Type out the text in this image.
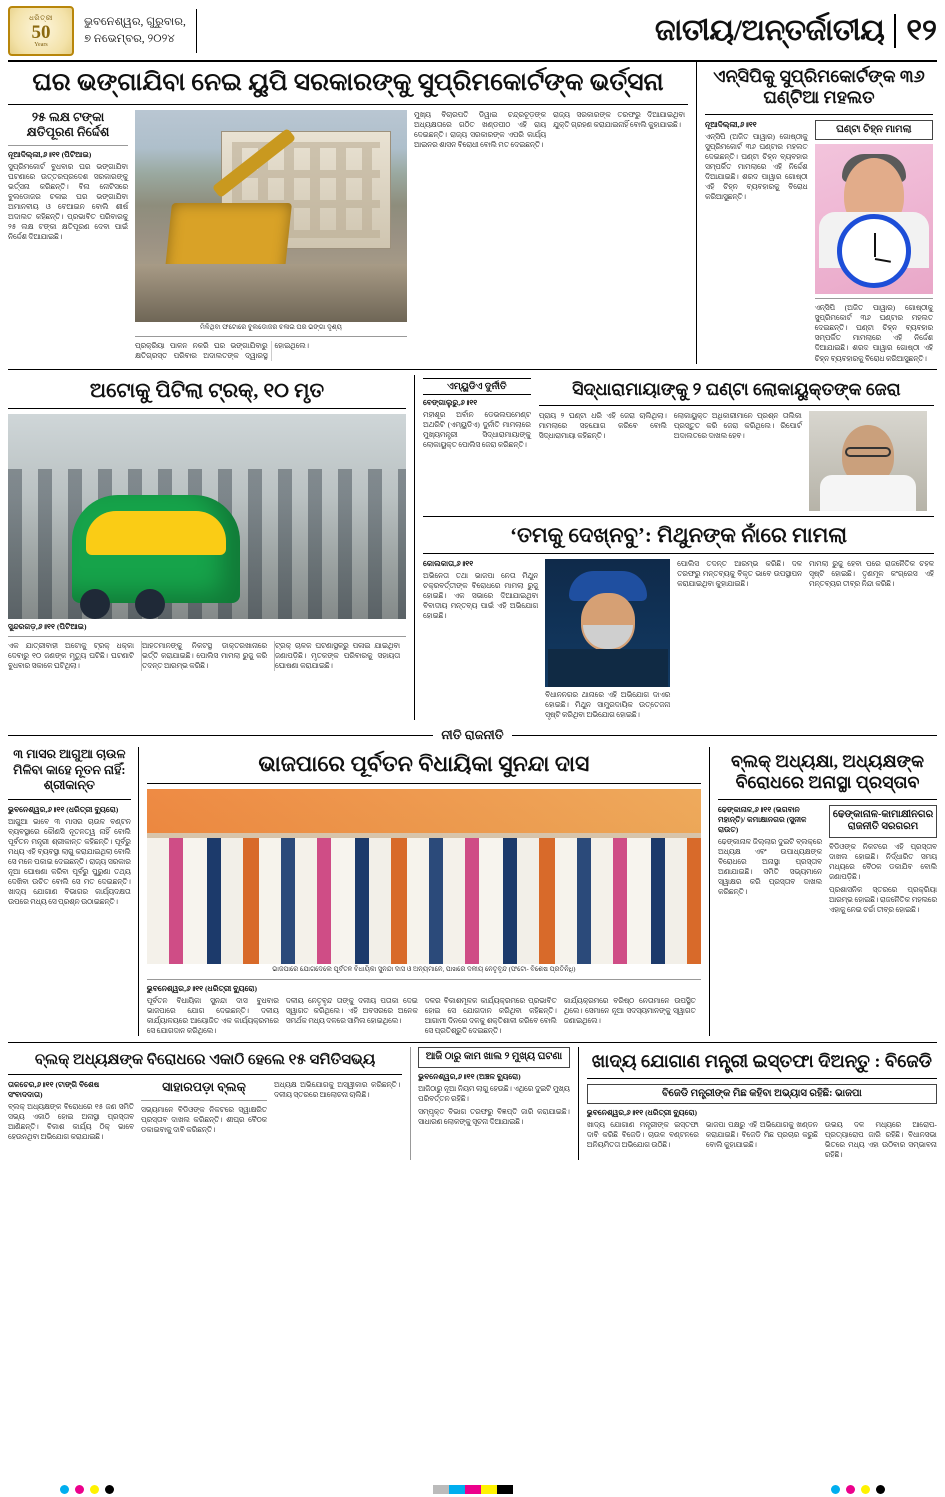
ଧରିତ୍ରୀ
50
Years
ଭୁବନେଶ୍ୱର, ଗୁରୁବାର,
୭ ନଭେମ୍ବର, ୨୦୨୪	ଜାତୀୟ/ଅନ୍ତର୍ଜାତୀୟ ୧୨
ଘର ଭଙ୍ଗାଯିବା ନେଇ ୟୁପି ସରକାରଙ୍କୁ ସୁପ୍ରିମକୋର୍ଟଙ୍କ ଭର୍ତ୍ସନା
୨୫ ଲକ୍ଷ ଟଙ୍କା କ୍ଷତିପୂରଣ ନିର୍ଦ୍ଦେଶ
ନୂଆଦିଲ୍ଲୀ,୬॥୧୧ (ପିଟିଆଇ)
ସୁପ୍ରିମକୋର୍ଟ ବୁଧବାର ଘର ଭଙ୍ଗାଯିବା ଘଟଣାରେ ଉତ୍ତରପ୍ରଦେଶ ସରକାରଙ୍କୁ ଭର୍ତ୍ସନା କରିଛନ୍ତି। ବିନା ନୋଟିସରେ ବୁଲଡୋଜର ଚଳାଇ ଘର ଭଙ୍ଗାଯିବା ଅମାନବୀୟ ଓ ବେଆଇନ ବୋଲି ଶୀର୍ଷ ଅଦାଲତ କହିଛନ୍ତି। ପ୍ରଭାବିତ ପରିବାରକୁ ୨୫ ଲକ୍ଷ ଟଙ୍କା କ୍ଷତିପୂରଣ ଦେବା ପାଇଁ ନିର୍ଦ୍ଦେଶ ଦିଆଯାଇଛି।
ମିଳିଥିବା ଫଟୋରେ ବୁଲଡୋଜର ଚଳାଇ ଘର ଭଙ୍ଗା ଦୃଶ୍ୟ
ପ୍ରକ୍ରିୟା ପାଳନ ନକରି ଘର ଭଙ୍ଗାଯିବାରୁ କ୍ଷତିଗ୍ରସ୍ତ ପରିବାର ଅଦାଲତଙ୍କ ଦ୍ୱାରସ୍ଥ ହୋଇଥିଲେ।
ମୁଖ୍ୟ ବିଚାରପତି ଡିୱାଇ ଚନ୍ଦ୍ରଚୂଡ଼ଙ୍କ ଅଧ୍ୟକ୍ଷତାରେ ଗଠିତ ଖଣ୍ଡପୀଠ ଏହି ରାୟ ଦେଇଛନ୍ତି। ରାଜ୍ୟ ସରକାରଙ୍କ ଏପରି କାର୍ଯ୍ୟ ଆଇନର ଶାସନ ବିରୋଧୀ ବୋଲି ମତ ଦେଇଛନ୍ତି।
ରାଜ୍ୟ ସରକାରଙ୍କ ତରଫରୁ ଦିଆଯାଇଥିବା ଯୁକ୍ତି ଗ୍ରହଣ କରାଯାଇନାହିଁ ବୋଲି କୁହାଯାଇଛି।
ଏନ୍‌ସିପିକୁ ସୁପ୍ରିମକୋର୍ଟଙ୍କ ୩୬ ଘଣ୍ଟିଆ ମହଲତ
ନୂଆଦିଲ୍ଲୀ,୬॥୧୧
ଏନ୍‌ସିପି (ଅଜିତ ପାୱାର) ଗୋଷ୍ଠୀକୁ ସୁପ୍ରିମକୋର୍ଟ ୩୬ ଘଣ୍ଟାର ମହଲତ ଦେଇଛନ୍ତି। ଘଣ୍ଟା ଚିହ୍ନ ବ୍ୟବହାର ସମ୍ପର୍କିତ ମାମଲାରେ ଏହି ନିର୍ଦ୍ଦେଶ ଦିଆଯାଇଛି। ଶରଦ ପାୱାର ଗୋଷ୍ଠୀ ଏହି ଚିହ୍ନ ବ୍ୟବହାରକୁ ବିରୋଧ କରିଆସୁଛନ୍ତି।
ଘଣ୍ଟା ଚିହ୍ନ ମାମଲା
ଏନ୍‌ସିପି (ଅଜିତ ପାୱାର) ଗୋଷ୍ଠୀକୁ ସୁପ୍ରିମକୋର୍ଟ ୩୬ ଘଣ୍ଟାର ମହଲତ ଦେଇଛନ୍ତି। ଘଣ୍ଟା ଚିହ୍ନ ବ୍ୟବହାର ସମ୍ପର୍କିତ ମାମଲାରେ ଏହି ନିର୍ଦ୍ଦେଶ ଦିଆଯାଇଛି। ଶରଦ ପାୱାର ଗୋଷ୍ଠୀ ଏହି ଚିହ୍ନ ବ୍ୟବହାରକୁ ବିରୋଧ କରିଆସୁଛନ୍ତି।
ଅଟୋକୁ ପିଟିଲା ଟ୍ରକ୍‌, ୧୦ ମୃତ
ସୁନ୍ଦରଗଡ଼,୬॥୧୧ (ପିଟିଆଇ)
ଏକ ଯାତ୍ରୀବାହୀ ଅଟୋକୁ ଟ୍ରକ୍‌ ଧକ୍କା ଦେବାରୁ ୧୦ ଜଣଙ୍କ ମୃତ୍ୟୁ ଘଟିଛି। ଘଟଣାଟି ବୁଧବାର ସକାଳେ ଘଟିଥିଲା।
ଆହତମାନଙ୍କୁ ନିକଟସ୍ଥ ଡାକ୍ତରଖାନାରେ ଭର୍ତ୍ତି କରାଯାଇଛି। ପୋଲିସ ମାମଲା ରୁଜୁ କରି ତଦନ୍ତ ଆରମ୍ଭ କରିଛି।
ଟ୍ରକ୍‌ ଚାଳକ ଘଟଣାସ୍ଥଳରୁ ପଳାଇ ଯାଇଥିବା ଜଣାପଡ଼ିଛି। ମୃତକଙ୍କ ପରିବାରକୁ ସହାୟତା ଘୋଷଣା କରାଯାଇଛି।
ଏମ୍‌ୟୁଡିଏ ଦୁର୍ନୀତି
ବେଙ୍ଗାଲୁରୁ,୬॥୧୧
ମହୀଶୂର ଅର୍ବାନ ଡେଭଲପମେଣ୍ଟ ଅଥରିଟି (ଏମ୍‌ୟୁଡିଏ) ଦୁର୍ନୀତି ମାମଲାରେ ମୁଖ୍ୟମନ୍ତ୍ରୀ ସିଦ୍ଧାରାମାୟାଙ୍କୁ ଲୋକାୟୁକ୍ତ ପୋଲିସ ଜେରା କରିଛନ୍ତି।
ସିଦ୍ଧାରାମାୟାଙ୍କୁ ୨ ଘଣ୍ଟା ଲୋକାୟୁକ୍ତଙ୍କ ଜେରା
ପ୍ରାୟ ୨ ଘଣ୍ଟା ଧରି ଏହି ଜେରା ଚାଲିଥିଲା। ମାମଲାରେ ସହଯୋଗ କରିବେ ବୋଲି ସିଦ୍ଧାରାମାୟା କହିଛନ୍ତି।
ଲୋକାୟୁକ୍ତ ଅଧିକାରୀମାନେ ପ୍ରଶ୍ନ ତାଲିକା ପ୍ରସ୍ତୁତ କରି ଜେରା କରିଥିଲେ। ରିପୋର୍ଟ ଅଦାଲତରେ ଦାଖଲ ହେବ।
‘ତମକୁ ଦେଖ୍‌ନବୁ’: ମିଥୁନଙ୍କ ନାଁରେ ମାମଲା
କୋଲକାତା,୬॥୧୧
ଅଭିନେତା ତଥା ଭାଜପା ନେତା ମିଥୁନ ଚକ୍ରବର୍ତ୍ତୀଙ୍କ ବିରୋଧରେ ମାମଲା ରୁଜୁ ହୋଇଛି। ଏକ ସଭାରେ ଦିଆଯାଇଥିବା ବିବାଦୀୟ ମନ୍ତବ୍ୟ ପାଇଁ ଏହି ଅଭିଯୋଗ ହୋଇଛି।
ବିଧାନନଗର ଥାନାରେ ଏହି ଅଭିଯୋଗ ଦାଏର ହୋଇଛି। ମିଥୁନ ସାମ୍ପ୍ରଦାୟିକ ଉତ୍ତେଜନା ସୃଷ୍ଟି କରିଥିବା ଅଭିଯୋଗ ହୋଇଛି।
ପୋଲିସ ତଦନ୍ତ ଆରମ୍ଭ କରିଛି। ଦଳ ତରଫରୁ ମନ୍ତବ୍ୟକୁ ବିକୃତ ଭାବେ ଉପସ୍ଥାପନ କରାଯାଇଥିବା କୁହାଯାଇଛି।
ମାମଲା ରୁଜୁ ହେବା ପରେ ରାଜନୈତିକ ଚହଳ ସୃଷ୍ଟି ହୋଇଛି। ତୃଣମୂଳ କଂଗ୍ରେସ ଏହି ମନ୍ତବ୍ୟର ତୀବ୍ର ନିନ୍ଦା କରିଛି।
ନୀତି ରାଜନୀତି
୩ ମାସର ଆଗୁଆ ଚାଉଳ ମିଳିବା କାହେ ନୂତନ ନାହିଁ: ଶ୍ରୀକାନ୍ତ
ଭୁବନେଶ୍ୱର,୬॥୧୧ (ଧରିତ୍ରୀ ବ୍ୟୁରୋ)
ଆଗୁଆ ଭାବେ ୩ ମାସର ଚାଉଳ ବଣ୍ଟନ ବ୍ୟବସ୍ଥାରେ କୌଣସି ନୂତନତ୍ୱ ନାହିଁ ବୋଲି ପୂର୍ବତନ ମନ୍ତ୍ରୀ ଶ୍ରୀକାନ୍ତ କହିଛନ୍ତି। ପୂର୍ବରୁ ମଧ୍ୟ ଏହି ବ୍ୟବସ୍ଥା ଲାଗୁ କରାଯାଇଥିଲା ବୋଲି ସେ ମନେ ପକାଇ ଦେଇଛନ୍ତି। ରାଜ୍ୟ ସରକାର ନୂଆ ଘୋଷଣା କରିବା ପୂର୍ବରୁ ପୁରୁଣା ତଥ୍ୟ ଦେଖିବା ଉଚିତ ବୋଲି ସେ ମତ ଦେଇଛନ୍ତି। ଖାଦ୍ୟ ଯୋଗାଣ ବିଭାଗର କାର୍ଯ୍ୟଦକ୍ଷତା ଉପରେ ମଧ୍ୟ ସେ ପ୍ରଶ୍ନ ଉଠାଇଛନ୍ତି।
ଭାଜପାରେ ପୂର୍ବତନ ବିଧାୟିକା ସୁନନ୍ଦା ଦାସ
ଭାଜପାରେ ଯୋଗଦେଲେ ପୂର୍ବତନ ବିଧାୟିକା ସୁନନ୍ଦା ଦାସ ଓ ଅନ୍ୟମାନେ, ପାଖରେ ଦଳୀୟ ନେତୃବୃନ୍ଦ (ଫଟୋ- ବିଶେଷ ପ୍ରତିନିଧି)
ଭୁବନେଶ୍ୱର,୬॥୧୧ (ଧରିତ୍ରୀ ବ୍ୟୁରୋ)
ପୂର୍ବତନ ବିଧାୟିକା ସୁନନ୍ଦା ଦାସ ବୁଧବାର ଭାଜପାରେ ଯୋଗ ଦେଇଛନ୍ତି। ଦଳୀୟ କାର୍ଯ୍ୟାଳୟରେ ଆୟୋଜିତ ଏକ କାର୍ଯ୍ୟକ୍ରମରେ ସେ ଯୋଗଦାନ କରିଥିଲେ।
ଦଳୀୟ ନେତୃବୃନ୍ଦ ତାଙ୍କୁ ଦଳୀୟ ପତାକା ଦେଇ ସ୍ୱାଗତ କରିଥିଲେ। ଏହି ଅବସରରେ ଅନେକ ସମର୍ଥକ ମଧ୍ୟ ଦଳରେ ସାମିଲ ହୋଇଥିଲେ।
ଦଳର ବିକାଶମୂଳକ କାର୍ଯ୍ୟକ୍ରମରେ ପ୍ରଭାବିତ ହୋଇ ସେ ଯୋଗଦାନ କରିଥିବା କହିଛନ୍ତି। ଆଗାମୀ ଦିନରେ ଦଳକୁ ଶକ୍ତିଶାଳୀ କରିବେ ବୋଲି ସେ ପ୍ରତିଶ୍ରୁତି ଦେଇଛନ୍ତି।
କାର୍ଯ୍ୟକ୍ରମରେ ବରିଷ୍ଠ ନେତାମାନେ ଉପସ୍ଥିତ ଥିଲେ। ସେମାନେ ନୂଆ ସଦସ୍ୟମାନଙ୍କୁ ସ୍ୱାଗତ ଜଣାଇଥିଲେ।
ବ୍ଲକ୍‌ ଅଧ୍ୟକ୍ଷା, ଅଧ୍ୟକ୍ଷଙ୍କ ବିରୋଧରେ ଅନାସ୍ଥା ପ୍ରସ୍ତାବ
ଢେଙ୍କାନାଳ,୬॥୧୧ (ଭଗବାନ ମହାନ୍ତି)/ କମାକ୍ଷାନଗର (ସୁନୀଳ ରାଉତ)
ଢେଙ୍କାନାଳ ଜିଲ୍ଲାର ଦୁଇଟି ବ୍ଲକ୍‌ରେ ଅଧ୍ୟକ୍ଷ ଏବଂ ଉପାଧ୍ୟକ୍ଷଙ୍କ ବିରୋଧରେ ଅନାସ୍ଥା ପ୍ରସ୍ତାବ ଅଣାଯାଇଛି। ସମିତି ସଭ୍ୟମାନେ ସ୍ୱାକ୍ଷର କରି ପ୍ରସ୍ତାବ ଦାଖଲ କରିଛନ୍ତି।
ଢେଙ୍କାନାଳ-କାମାକ୍ଷୀନଗର ରାଜନୀତି ସରଗରମ
ବିଡିଓଙ୍କ ନିକଟରେ ଏହି ପ୍ରସ୍ତାବ ଦାଖଲ ହୋଇଛି। ନିର୍ଦ୍ଧାରିତ ସମୟ ମଧ୍ୟରେ ବୈଠକ ଡକାଯିବ ବୋଲି ଜଣାପଡ଼ିଛି।
ପ୍ରଶାସନିକ ସ୍ତରରେ ପ୍ରକ୍ରିୟା ଆରମ୍ଭ ହୋଇଛି। ରାଜନୈତିକ ମହଲରେ ଏହାକୁ ନେଇ ଚର୍ଚ୍ଚା ତୀବ୍ର ହୋଇଛି।
ବ୍ଲକ୍‌ ଅଧ୍ୟକ୍ଷଙ୍କ ବିରୋଧରେ ଏକାଠି ହେଲେ ୧୫ ସମିତିସଭ୍ୟ
ତାଳଚେର,୬॥୧୧ (ଟାଙ୍ଗି ବିଶେଷ ସଂବାଦଦାତା)
ବ୍ଲକ୍‌ ଅଧ୍ୟକ୍ଷଙ୍କ ବିରୋଧରେ ୧୫ ଜଣ ସମିତି ସଭ୍ୟ ଏକାଠି ହୋଇ ଅନାସ୍ଥା ପ୍ରସ୍ତାବ ଆଣିଛନ୍ତି। ବିକାଶ କାର୍ଯ୍ୟ ଠିକ୍‌ ଭାବେ ହେଉନଥିବା ଅଭିଯୋଗ କରାଯାଇଛି।
ସାହାରପଡ଼ା ବ୍ଲକ୍‌
ସଭ୍ୟମାନେ ବିଡିଓଙ୍କ ନିକଟରେ ସ୍ୱାକ୍ଷରିତ ପ୍ରସ୍ତାବ ଦାଖଲ କରିଛନ୍ତି। ଶୀଘ୍ର ବୈଠକ ଡକାଇବାକୁ ଦାବି କରିଛନ୍ତି।
ଅଧ୍ୟକ୍ଷ ଅଭିଯୋଗକୁ ଅସ୍ୱୀକାର କରିଛନ୍ତି। ଦଳୀୟ ସ୍ତରରେ ଆଲୋଚନା ଚାଲିଛି।
ଆଜି ଠାରୁ କାମ ଖାଲ ୨ ମୁଖ୍ୟ ଘଟଣା
ଭୁବନେଶ୍ୱର,୬॥୧୧ (ଅଞ୍ଚଳ ବ୍ୟୁରୋ)
ଆଜିଠାରୁ ନୂଆ ନିୟମ ଲାଗୁ ହେଉଛି। ଏଥିରେ ଦୁଇଟି ମୁଖ୍ୟ ପରିବର୍ତ୍ତନ ରହିଛି।
ସମ୍ପୃକ୍ତ ବିଭାଗ ତରଫରୁ ବିଜ୍ଞପ୍ତି ଜାରି କରାଯାଇଛି। ସାଧାରଣ ଲୋକଙ୍କୁ ସୂଚନା ଦିଆଯାଇଛି।
ଖାଦ୍ୟ ଯୋଗାଣ ମନ୍ତ୍ରୀ ଇସ୍ତଫା ଦିଅନ୍ତୁ : ବିଜେଡି
ବିଜେଡି ମନ୍ତ୍ରୀଙ୍କ ମିଛ କହିବା ଅଭ୍ୟାସ ରହିଛି: ଭାଜପା
ଭୁବନେଶ୍ୱର,୬॥୧୧ (ଧରିତ୍ରୀ ବ୍ୟୁରୋ)
ଖାଦ୍ୟ ଯୋଗାଣ ମନ୍ତ୍ରୀଙ୍କ ଇସ୍ତଫା ଦାବି କରିଛି ବିଜେଡି। ଚାଉଳ ବଣ୍ଟନରେ ଅନିୟମିତତା ଅଭିଯୋଗ ଉଠିଛି।
ଭାଜପା ପକ୍ଷରୁ ଏହି ଅଭିଯୋଗକୁ ଖଣ୍ଡନ କରାଯାଇଛି। ବିଜେଡି ମିଛ ପ୍ରଚାର କରୁଛି ବୋଲି କୁହାଯାଇଛି।
ଉଭୟ ଦଳ ମଧ୍ୟରେ ଆରୋପ-ପ୍ରତ୍ୟାରୋପ ଜାରି ରହିଛି। ବିଧାନସଭା ଭିତରେ ମଧ୍ୟ ଏହା ଉଠିବାର ସମ୍ଭାବନା ରହିଛି।
